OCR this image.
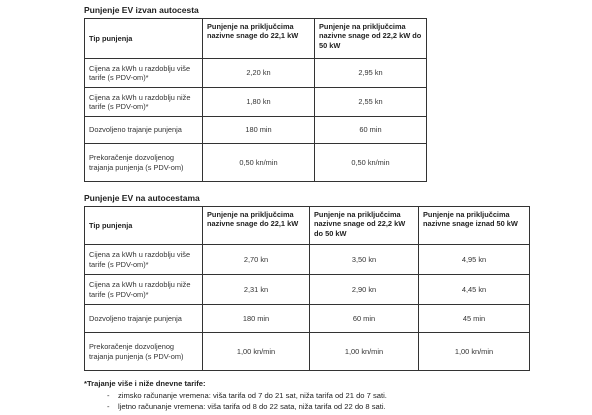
Punjenje EV izvan autocesta
Tip punjenja	Punjenje na priključcima nazivne snage do 22,1 kW	Punjenje na priključcima nazivne snage od 22,2 kW do 50 kW
Cijena za kWh u razdoblju više tarife (s PDV-om)*	2,20 kn	2,95 kn
Cijena za kWh u razdoblju niže tarife (s PDV-om)*	1,80 kn	2,55 kn
Dozvoljeno trajanje punjenja	180 min	60 min
Prekoračenje dozvoljenog trajanja punjenja (s PDV-om)	0,50 kn/min	0,50 kn/min
Punjenje EV na autocestama
Tip punjenja	Punjenje na priključcima nazivne snage do 22,1 kW	Punjenje na priključcima nazivne snage od 22,2 kW do 50 kW	Punjenje na priključcima nazivne snage iznad 50 kW
Cijena za kWh u razdoblju više tarife (s PDV-om)*	2,70 kn	3,50 kn	4,95 kn
Cijena za kWh u razdoblju niže tarife (s PDV-om)*	2,31 kn	2,90 kn	4,45 kn
Dozvoljeno trajanje punjenja	180 min	60 min	45 min
Prekoračenje dozvoljenog trajanja punjenja (s PDV-om)	1,00 kn/min	1,00 kn/min	1,00 kn/min

*Trajanje više i niže dnevne tarife:

- zimsko računanje vremena: viša tarifa od 7 do 21 sat, niža tarifa od 21 do 7 sati.
- ljetno računanje vremena: viša tarifa od 8 do 22 sata, niža tarifa od 22 do 8 sati.
